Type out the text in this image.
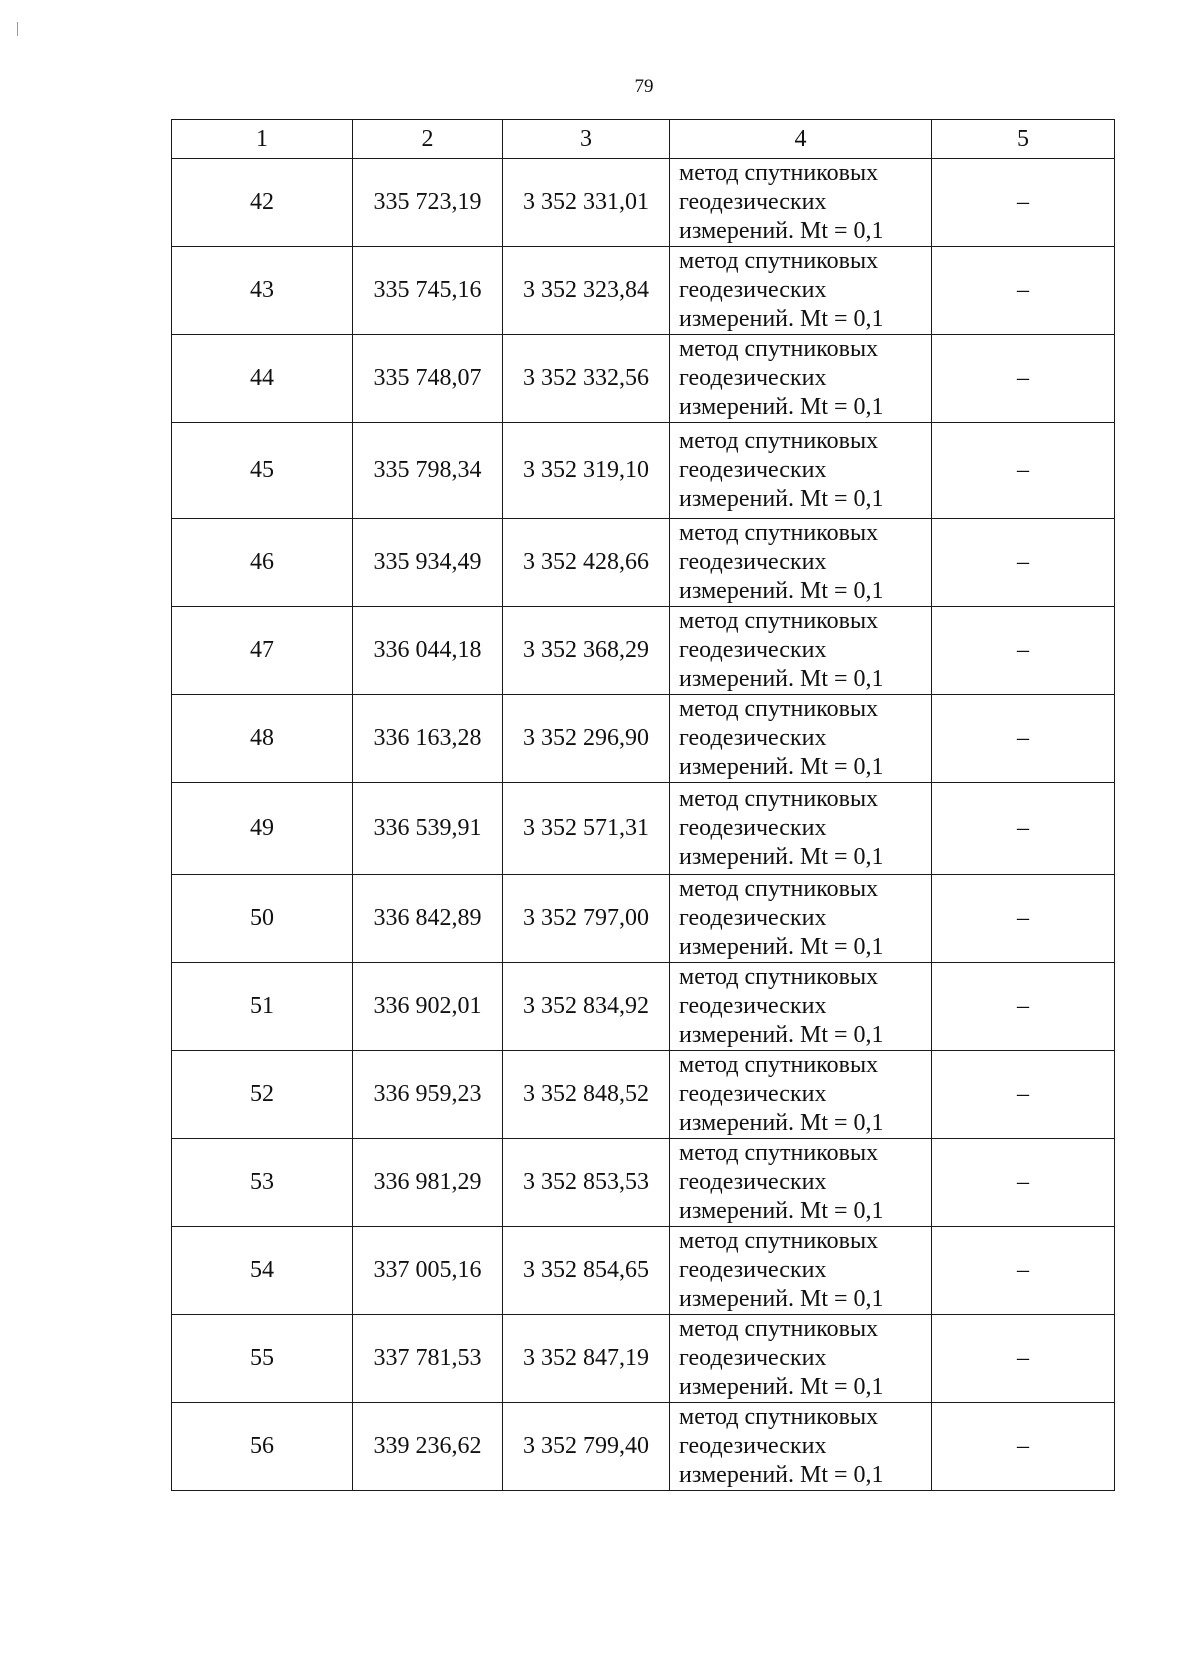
79
1	2	3	4	5
42	335 723,19	3 352 331,01	метод спутниковых
геодезических
измерений. Mt = 0,1	–
43	335 745,16	3 352 323,84	метод спутниковых
геодезических
измерений. Mt = 0,1	–
44	335 748,07	3 352 332,56	метод спутниковых
геодезических
измерений. Mt = 0,1	–
45	335 798,34	3 352 319,10	метод спутниковых
геодезических
измерений. Mt = 0,1	–
46	335 934,49	3 352 428,66	метод спутниковых
геодезических
измерений. Mt = 0,1	–
47	336 044,18	3 352 368,29	метод спутниковых
геодезических
измерений. Mt = 0,1	–
48	336 163,28	3 352 296,90	метод спутниковых
геодезических
измерений. Mt = 0,1	–
49	336 539,91	3 352 571,31	метод спутниковых
геодезических
измерений. Mt = 0,1	–
50	336 842,89	3 352 797,00	метод спутниковых
геодезических
измерений. Mt = 0,1	–
51	336 902,01	3 352 834,92	метод спутниковых
геодезических
измерений. Mt = 0,1	–
52	336 959,23	3 352 848,52	метод спутниковых
геодезических
измерений. Mt = 0,1	–
53	336 981,29	3 352 853,53	метод спутниковых
геодезических
измерений. Mt = 0,1	–
54	337 005,16	3 352 854,65	метод спутниковых
геодезических
измерений. Mt = 0,1	–
55	337 781,53	3 352 847,19	метод спутниковых
геодезических
измерений. Mt = 0,1	–
56	339 236,62	3 352 799,40	метод спутниковых
геодезических
измерений. Mt = 0,1	–
